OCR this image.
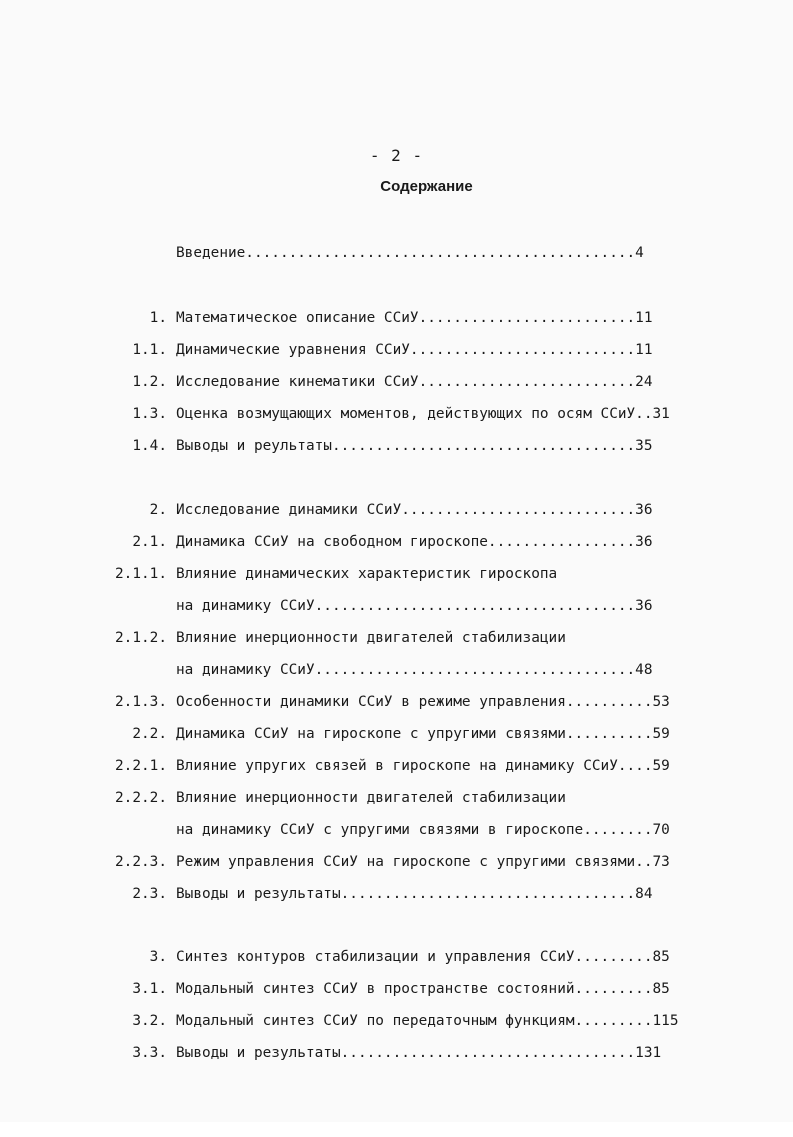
- 2 -
Содержание

Введение.............................................4

1.

Математическое описание ССиУ.........................11

1.1.

Динамические уравнения ССиУ..........................11

1.2.

Исследование кинематики ССиУ.........................24

1.3.

Оценка возмущающих моментов, действующих по осям ССиУ..31

1.4.

Выводы и реультаты...................................35

2.

Исследование динамики ССиУ...........................36

2.1.

Динамика ССиУ на свободном гироскопе.................36

2.1.1.

Влияние динамических характеристик гироскопа

на динамику ССиУ.....................................36

2.1.2.

Влияние инерционности двигателей стабилизации

на динамику ССиУ.....................................48

2.1.3.

Особенности динамики ССиУ в режиме управления..........53

2.2.

Динамика ССиУ на гироскопе с упругими связями..........59

2.2.1.

Влияние упругих связей в гироскопе на динамику ССиУ....59

2.2.2.

Влияние инерционности двигателей стабилизации

на динамику ССиУ с упругими связями в гироскопе........70

2.2.3.

Режим управления ССиУ на гироскопе с упругими связями..73

2.3.

Выводы и результаты..................................84

3.

Синтез контуров стабилизации и управления ССиУ.........85

3.1.

Модальный синтез ССиУ в пространстве состояний.........85

3.2.

Модальный синтез ССиУ по передаточным функциям.........115

3.3.

Выводы и результаты..................................131
